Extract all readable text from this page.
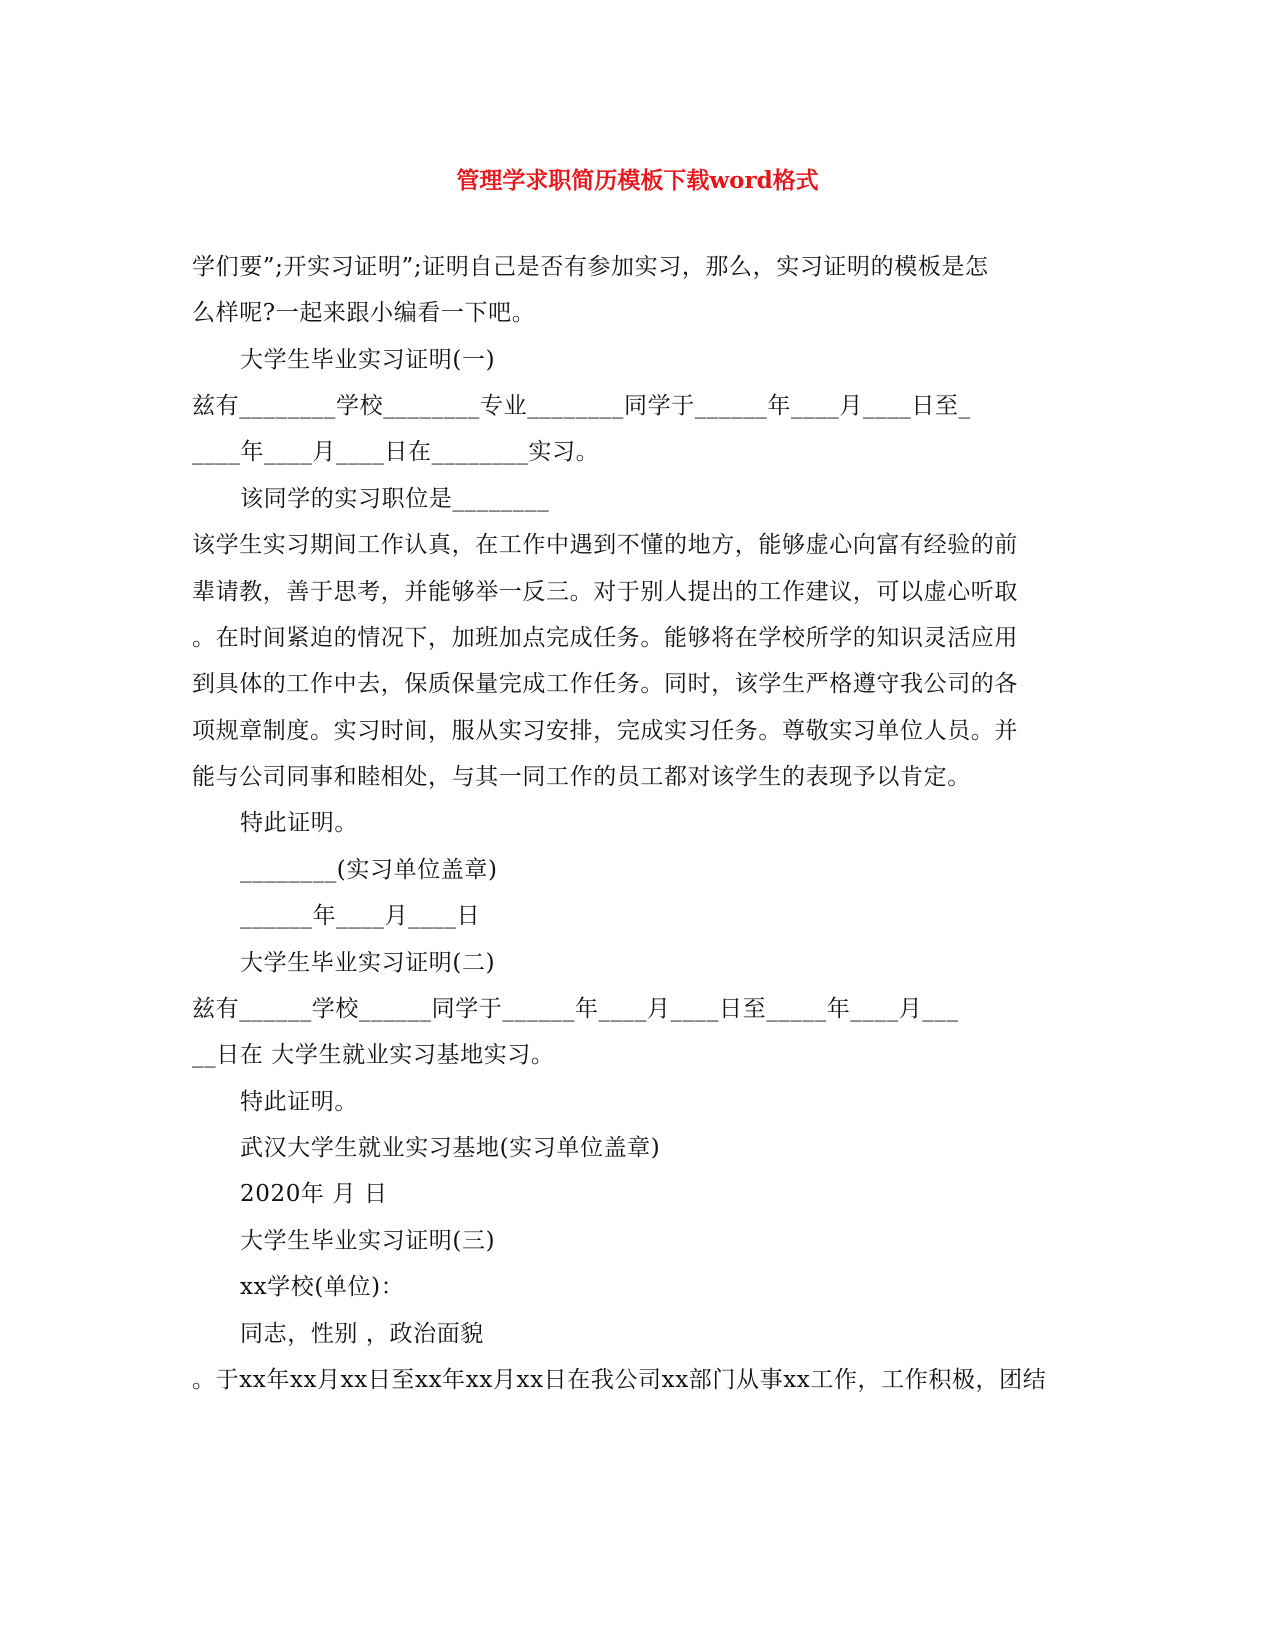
管理学求职简历模板下载word格式
学们要”;开实习证明”;证明自己是否有参加实习，那么，实习证明的模板是怎
么样呢?一起来跟小编看一下吧。
大学生毕业实习证明(一)
兹有________学校________专业________同学于______年____月____日至_
____年____月____日在________实习。
该同学的实习职位是________
该学生实习期间工作认真，在工作中遇到不懂的地方，能够虚心向富有经验的前
辈请教，善于思考，并能够举一反三。对于别人提出的工作建议，可以虚心听取
。在时间紧迫的情况下，加班加点完成任务。能够将在学校所学的知识灵活应用
到具体的工作中去，保质保量完成工作任务。同时，该学生严格遵守我公司的各
项规章制度。实习时间，服从实习安排，完成实习任务。尊敬实习单位人员。并
能与公司同事和睦相处，与其一同工作的员工都对该学生的表现予以肯定。
特此证明。
________(实习单位盖章)
______年____月____日
大学生毕业实习证明(二)
兹有______学校______同学于______年____月____日至_____年____月___
__日在 大学生就业实习基地实习。
特此证明。
武汉大学生就业实习基地(实习单位盖章)
2020年 月 日
大学生毕业实习证明(三)
xx学校(单位)：
同志，性别 ，政治面貌
。于xx年xx月xx日至xx年xx月xx日在我公司xx部门从事xx工作，工作积极，团结
